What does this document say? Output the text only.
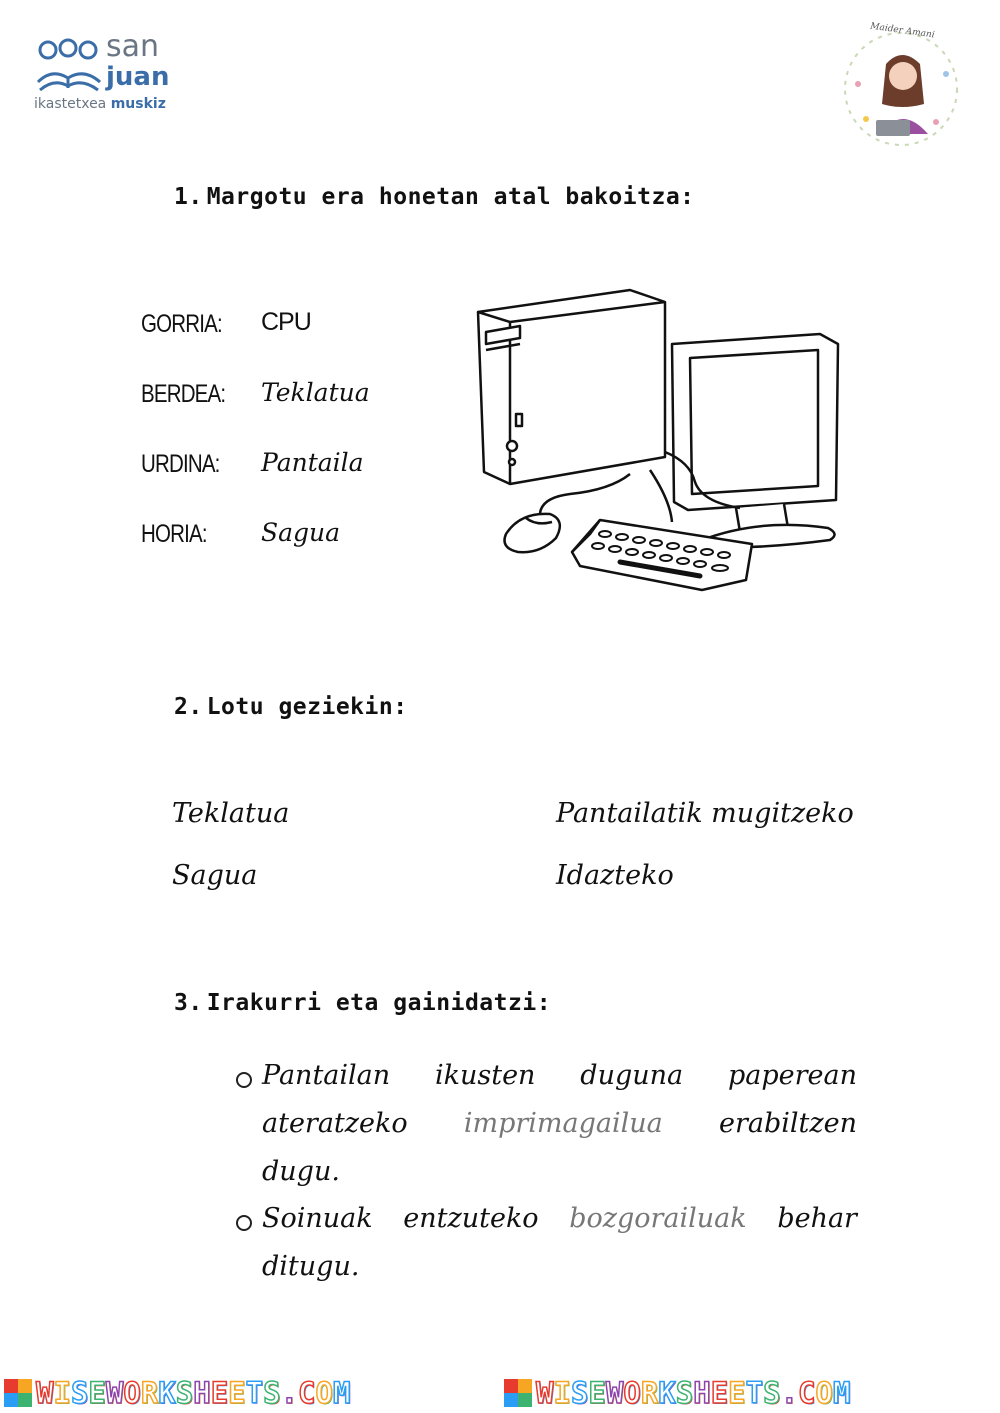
san
juan
ikastetxea muskiz
Maider Amani
1. Margotu era honetan atal bakoitza:
GORRIA: CPU
BERDEA: Teklatua
URDINA: Pantaila
HORIA: Sagua
2. Lotu geziekin:
Teklatua
Sagua
Pantailatik mugitzeko
Idazteko
3. Irakurri eta gainidatzi:
Pantailan ikusten duguna paperean
ateratzeko imprimagailua erabiltzen
dugu.
Soinuak entzuteko bozgorailuak behar
ditugu.
WISEWORKSHEETS.COM	WISEWORKSHEETS.COM
